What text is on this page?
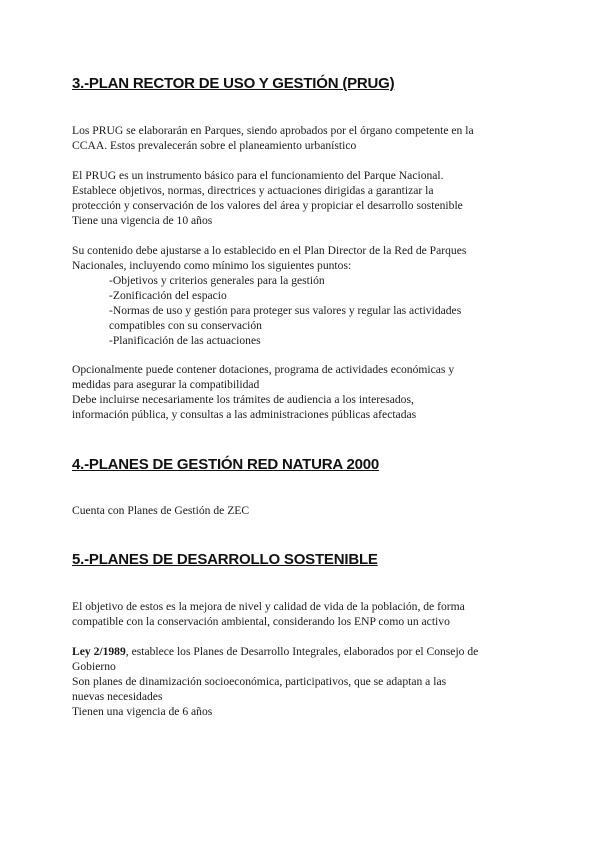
3.-PLAN RECTOR DE USO Y GESTIÓN (PRUG)

Los PRUG se elaborarán en Parques, siendo aprobados por el órgano competente en la
CCAA. Estos prevalecerán sobre el planeamiento urbanístico

El PRUG es un instrumento básico para el funcionamiento del Parque Nacional.
Establece objetivos, normas, directrices y actuaciones dirigidas a garantizar la
protección y conservación de los valores del área y propiciar el desarrollo sostenible
Tiene una vigencia de 10 años

Su contenido debe ajustarse a lo establecido en el Plan Director de la Red de Parques
Nacionales, incluyendo como mínimo los siguientes puntos:

-Objetivos y criterios generales para la gestión
-Zonificación del espacio
-Normas de uso y gestión para proteger sus valores y regular las actividades
compatibles con su conservación
-Planificación de las actuaciones

Opcionalmente puede contener dotaciones, programa de actividades económicas y
medidas para asegurar la compatibilidad
Debe incluirse necesariamente los trámites de audiencia a los interesados,
información pública, y consultas a las administraciones públicas afectadas

4.-PLANES DE GESTIÓN RED NATURA 2000

Cuenta con Planes de Gestión de ZEC

5.-PLANES DE DESARROLLO SOSTENIBLE

El objetivo de estos es la mejora de nivel y calidad de vida de la población, de forma
compatible con la conservación ambiental, considerando los ENP como un activo

Ley 2/1989, establece los Planes de Desarrollo Integrales, elaborados por el Consejo de
Gobierno
Son planes de dinamización socioeconómica, participativos, que se adaptan a las
nuevas necesidades
Tienen una vigencia de 6 años
